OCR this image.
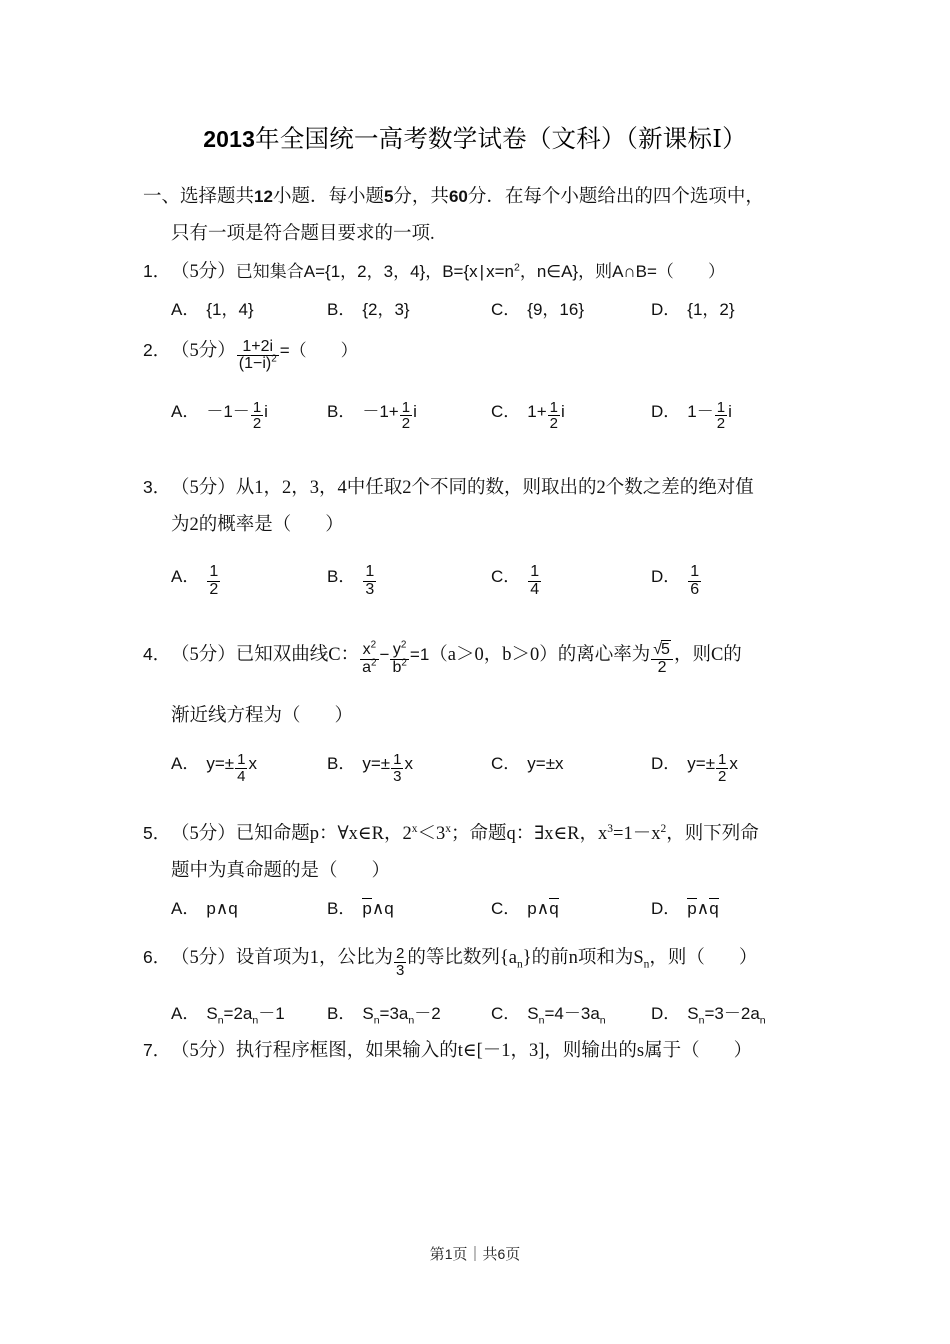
2013年全国统一高考数学试卷（文科）（新课标Ⅰ）
一、选择题共12小题．每小题5分，共60分．在每个小题给出的四个选项中，
只有一项是符合题目要求的一项.
1．（5分）已知集合A={1，2，3，4}，B={x | $x=n^2$，n∈A}，则A∩B=（ ）
A． {1，4}	B． {2，3}	C． {9，16}	D． {1，2}
2．（5分） $\frac{1+2i}{(1-i)^2}$ =（ ）
A． $-1- \frac{1}{2}$ i	B． $-1+ \frac{1}{2}$ i	C． $1+ \frac{1}{2}$ i	D． $1- \frac{1}{2}$ i
3．（5分）从1，2，3，4中任取2个不同的数，则取出的2个数之差的绝对值
为2的概率是（ ）
A． $\frac{1}{2}$	B． $\frac{1}{3}$	C． $\frac{1}{4}$	D． $\frac{1}{6}$
4．（5分）已知双曲线C： $\frac{x^2}{a^2} - \frac{y^2}{b^2} =1(a>0$，b＞0）的离心率为 $\frac{√5}{2}$ ，则C的
渐近线方程为（ ）
A． $y=\pm \frac{1}{4}$ x	B． $y=\pm \frac{1}{3}$ x	C． y=±x	D． $y=\pm \frac{1}{2}$ x
5．（5分）已知命题p：∀x∈R，$2^x<3^x$；命题q：∃x∈R，$x^3=1-x^2$，则下列命
题中为真命题的是（ ）
A． p∧q	B． p∧q	C． p∧q	D． p∧q
6．（5分）设首项为1，公比为 $\frac{2}{3}$ 的等比数列$\{a_n\}$的前n项和为$S_n$，则（ ）
A． $S_n=2a_n-1$ B． $S_n=3a_n-2$	C． $S_n=4-3a_n$	D． $S_n=3-2a_n$
7．（5分）执行程序框图，如果输入的t∈[－1，3]，则输出的s属于（ ）
第1页｜共6页
